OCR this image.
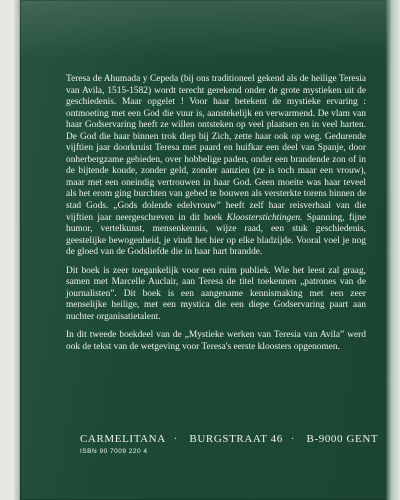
Teresa de Ahumada y Cepeda (bij ons traditioneel gekend als de heilige Teresia van Avila, 1515-1582) wordt terecht gerekend onder de grote mystieken uit de geschiedenis. Maar opgelet ! Voor haar betekent de mystieke ervaring : ontmoeting met een God die vuur is, aanstekelijk en verwarmend. De vlam van haar Godservaring heeft ze willen ontsteken op veel plaatsen en in veel harten. De God die haar binnen trok diep bij Zich, zette haar ook op weg. Gedurende vijftien jaar doorkruist Teresa met paard en huifkar een deel van Spanje, door onherbergzame gebieden, over hobbelige paden, onder een brandende zon of in de bijtende koude, zonder geld, zonder aanzien (ze is toch maar een vrouw), maar met een oneindig vertrouwen in haar God. Geen moeite was haar teveel als het erom ging burchten van gebed te bouwen als versterkte torens binnen de stad Gods. „Gods dolende edelvrouw” heeft zelf haar reisverhaal van die vijftien jaar neergeschreven in dit boek Kloosterstichtingen. Spanning, fijne humor, vertelkunst, mensenkennis, wijze raad, een stuk geschiedenis, geestelijke bewogenheid, je vindt het hier op elke bladzijde. Vooral voel je nog de gloed van de Godsliefde die in haar hart brandde.

Dit boek is zeer toegankelijk voor een ruim publiek. Wie het leest zal graag, samen met Marcelle Auclair, aan Teresa de titel toekennen „patrones van de journalisten”. Dit boek is een aangename kennismaking met een zeer menselijke heilige, met een mystica die een diepe Godservaring paart aan nuchter organisatietalent.

In dit tweede boekdeel van de „Mystieke werken van Teresia van Avila” werd ook de tekst van de wetgeving voor Teresa's eerste kloosters opgenomen.

CARMELITANA · BURGSTRAAT 46 · B-9000 GENT
ISBN 90 7009 220 4
